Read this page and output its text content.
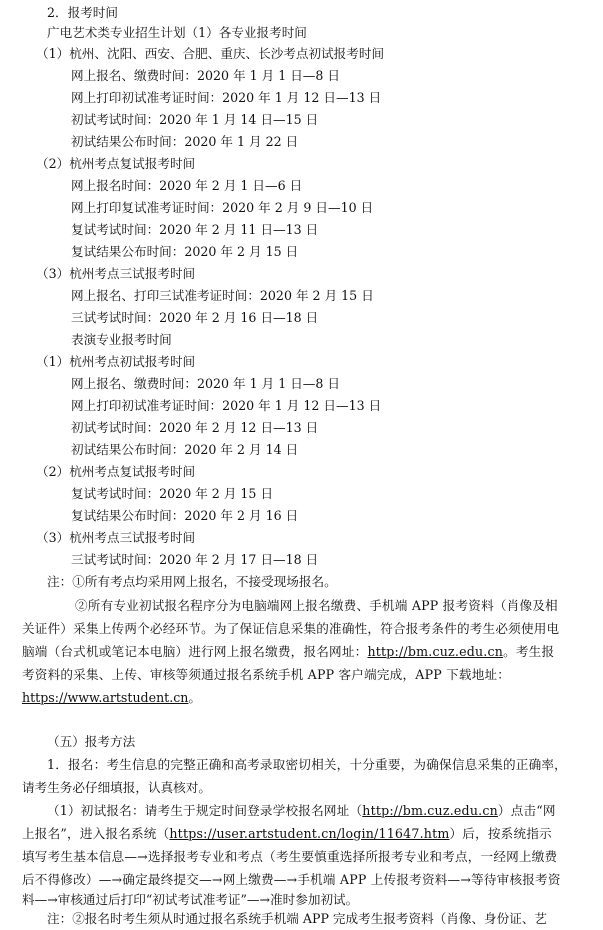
2．报考时间
广电艺术类专业招生计划（1）各专业报考时间
（1）杭州、沈阳、西安、合肥、重庆、长沙考点初试报考时间
网上报名、缴费时间：2020 年 1 月 1 日—8 日
网上打印初试准考证时间：2020 年 1 月 12 日—13 日
初试考试时间：2020 年 1 月 14 日—15 日
初试结果公布时间：2020 年 1 月 22 日
（2）杭州考点复试报考时间
网上报名时间：2020 年 2 月 1 日—6 日
网上打印复试准考证时间：2020 年 2 月 9 日—10 日
复试考试时间：2020 年 2 月 11 日—13 日
复试结果公布时间：2020 年 2 月 15 日
（3）杭州考点三试报考时间
网上报名、打印三试准考证时间：2020 年 2 月 15 日
三试考试时间：2020 年 2 月 16 日—18 日
表演专业报考时间
（1）杭州考点初试报考时间
网上报名、缴费时间：2020 年 1 月 1 日—8 日
网上打印初试准考证时间：2020 年 1 月 12 日—13 日
初试考试时间：2020 年 2 月 12 日—13 日
初试结果公布时间：2020 年 2 月 14 日
（2）杭州考点复试报考时间
复试考试时间：2020 年 2 月 15 日
复试结果公布时间：2020 年 2 月 16 日
（3）杭州考点三试报考时间
三试考试时间：2020 年 2 月 17 日—18 日
注：①所有考点均采用网上报名，不接受现场报名。
②所有专业初试报名程序分为电脑端网上报名缴费、手机端 APP 报考资料（肖像及相
关证件）采集上传两个必经环节。为了保证信息采集的准确性，符合报考条件的考生必须使用电
脑端（台式机或笔记本电脑）进行网上报名缴费，报名网址：http://bm.cuz.edu.cn。考生报
考资料的采集、上传、审核等须通过报名系统手机 APP 客户端完成，APP 下载地址：
https://www.artstudent.cn。
（五）报考方法
1．报名：考生信息的完整正确和高考录取密切相关，十分重要，为确保信息采集的正确率，
请考生务必仔细填报，认真核对。
（1）初试报名：请考生于规定时间登录学校报名网址（http://bm.cuz.edu.cn）点击“网
上报名”，进入报名系统（https://user.artstudent.cn/login/11647.htm）后，按系统指示
填写考生基本信息—→选择报考专业和考点（考生要慎重选择所报考专业和考点，一经网上缴费
后不得修改）—→确定最终提交—→网上缴费—→手机端 APP 上传报考资料—→等待审核报考资
料—→审核通过后打印“初试考试准考证”—→准时参加初试。
注：②报名时考生须从时通过报名系统手机端 APP 完成考生报考资料（肖像、身份证、艺
